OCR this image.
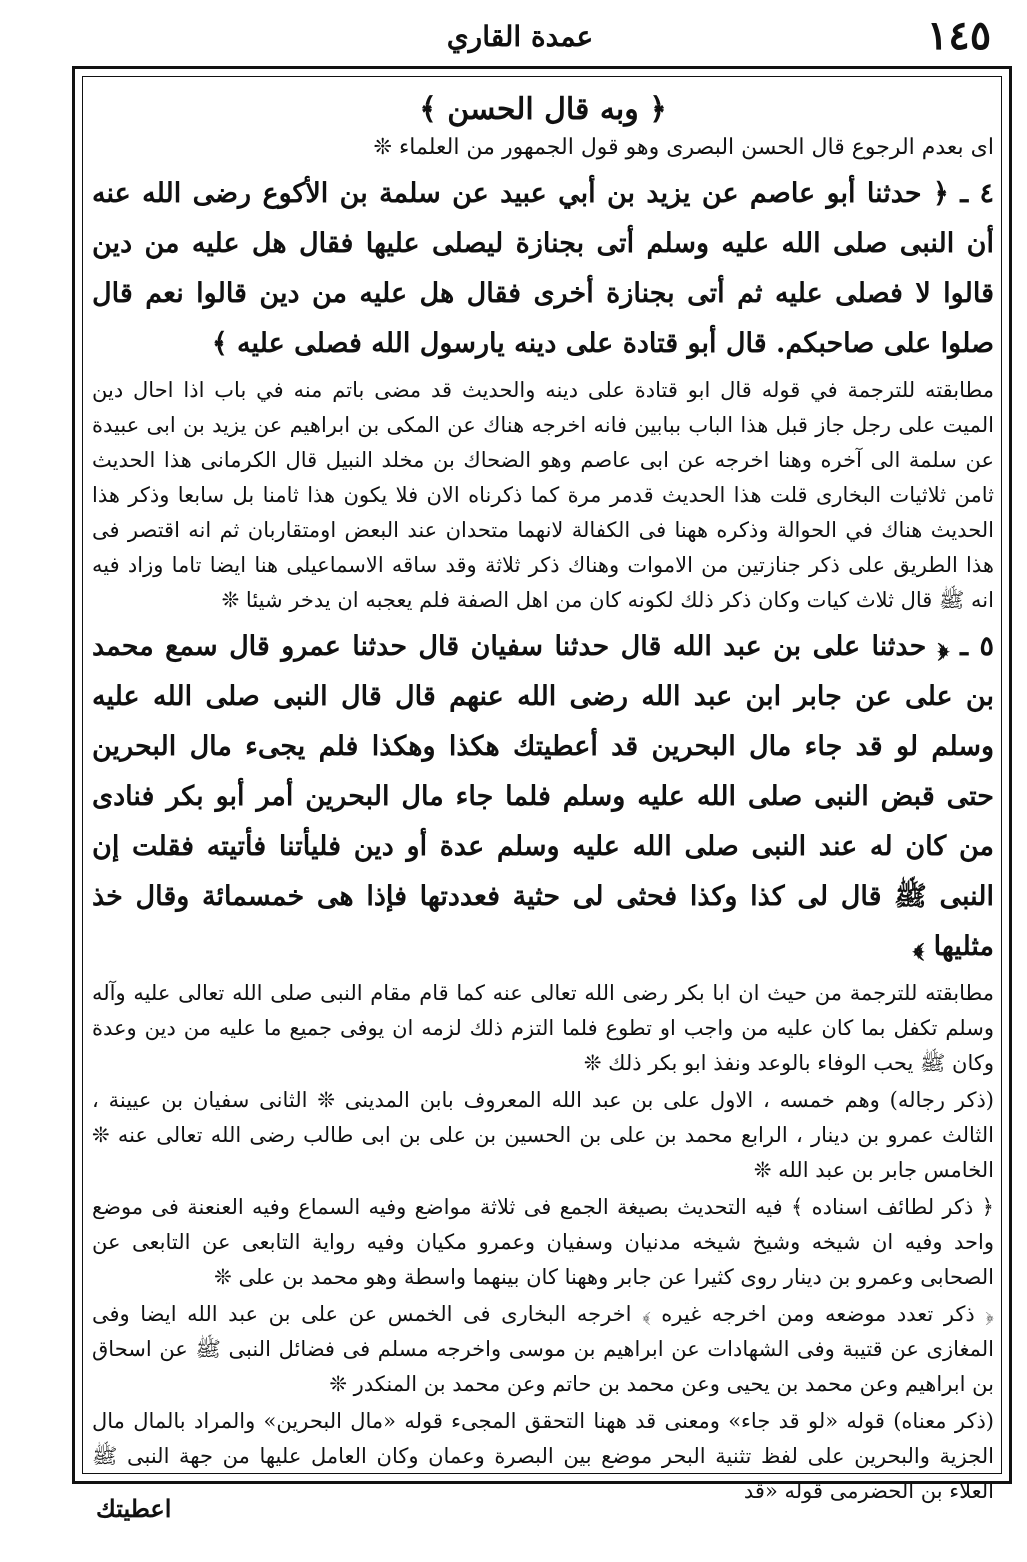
١٤٥
عمدة القاري
﴿ وبه قال الحسن ﴾

اى بعدم الرجوع قال الحسن البصرى وهو قول الجمهور من العلماء ❊

٤ ـ ﴿ حدثنا أبو عاصم عن يزيد بن أبي عبيد عن سلمة بن الأكوع رضى الله عنه أن النبى صلى الله عليه وسلم أتى بجنازة ليصلى عليها فقال هل عليه من دين قالوا لا فصلى عليه ثم أتى بجنازة أخرى فقال هل عليه من دين قالوا نعم قال صلوا على صاحبكم. قال أبو قتادة على دينه يارسول الله فصلى عليه ﴾

مطابقته للترجمة في قوله قال ابو قتادة على دينه والحديث قد مضى باتم منه في باب اذا احال دين الميت على رجل جاز قبل هذا الباب ببابين فانه اخرجه هناك عن المكى بن ابراهيم عن يزيد بن ابى عبيدة عن سلمة الى آخره وهنا اخرجه عن ابى عاصم وهو الضحاك بن مخلد النبيل قال الكرمانى هذا الحديث ثامن ثلاثيات البخارى قلت هذا الحديث قدمر مرة كما ذكرناه الان فلا يكون هذا ثامنا بل سابعا وذكر هذا الحديث هناك في الحوالة وذكره ههنا فى الكفالة لانهما متحدان عند البعض اومتقاربان ثم انه اقتصر فى هذا الطريق على ذكر جنازتين من الاموات وهناك ذكر ثلاثة وقد ساقه الاسماعيلى هنا ايضا تاما وزاد فيه انه ﷺ قال ثلاث كيات وكان ذكر ذلك لكونه كان من اهل الصفة فلم يعجبه ان يدخر شيئا ❊

٥ ـ ﴿ حدثنا على بن عبد الله قال حدثنا سفيان قال حدثنا عمرو قال سمع محمد بن على عن جابر ابن عبد الله رضى الله عنهم قال قال النبى صلى الله عليه وسلم لو قد جاء مال البحرين قد أعطيتك هكذا وهكذا فلم يجىء مال البحرين حتى قبض النبى صلى الله عليه وسلم فلما جاء مال البحرين أمر أبو بكر فنادى من كان له عند النبى صلى الله عليه وسلم عدة أو دين فليأتنا فأتيته فقلت إن النبى ﷺ قال لى كذا وكذا فحثى لى حثية فعددتها فإذا هى خمسمائة وقال خذ مثليها ﴾

مطابقته للترجمة من حيث ان ابا بكر رضى الله تعالى عنه كما قام مقام النبى صلى الله تعالى عليه وآله وسلم تكفل بما كان عليه من واجب او تطوع فلما التزم ذلك لزمه ان يوفى جميع ما عليه من دين وعدة وكان ﷺ يحب الوفاء بالوعد ونفذ ابو بكر ذلك ❊

(ذكر رجاله) وهم خمسه ، الاول على بن عبد الله المعروف بابن المدينى ❊ الثانى سفيان بن عيينة ، الثالث عمرو بن دينار ، الرابع محمد بن على بن الحسين بن على بن ابى طالب رضى الله تعالى عنه ❊ الخامس جابر بن عبد الله ❊

﴿ ذكر لطائف اسناده ﴾ فيه التحديث بصيغة الجمع فى ثلاثة مواضع وفيه السماع وفيه العنعنة فى موضع واحد وفيه ان شيخه وشيخ شيخه مدنيان وسفيان وعمرو مكيان وفيه رواية التابعى عن التابعى عن الصحابى وعمرو بن دينار روى كثيرا عن جابر وههنا كان بينهما واسطة وهو محمد بن على ❊

﴿ ذكر تعدد موضعه ومن اخرجه غيره ﴾ اخرجه البخارى فى الخمس عن على بن عبد الله ايضا وفى المغازى عن قتيبة وفى الشهادات عن ابراهيم بن موسى واخرجه مسلم فى فضائل النبى ﷺ عن اسحاق بن ابراهيم وعن محمد بن يحيى وعن محمد بن حاتم وعن محمد بن المنكدر ❊

(ذكر معناه) قوله «لو قد جاء» ومعنى قد ههنا التحقق المجىء قوله «مال البحرين» والمراد بالمال مال الجزية والبحرين على لفظ تثنية البحر موضع بين البصرة وعمان وكان العامل عليها من جهة النبى ﷺ العلاء بن الحضرمى قوله «قد

اعطيتك
